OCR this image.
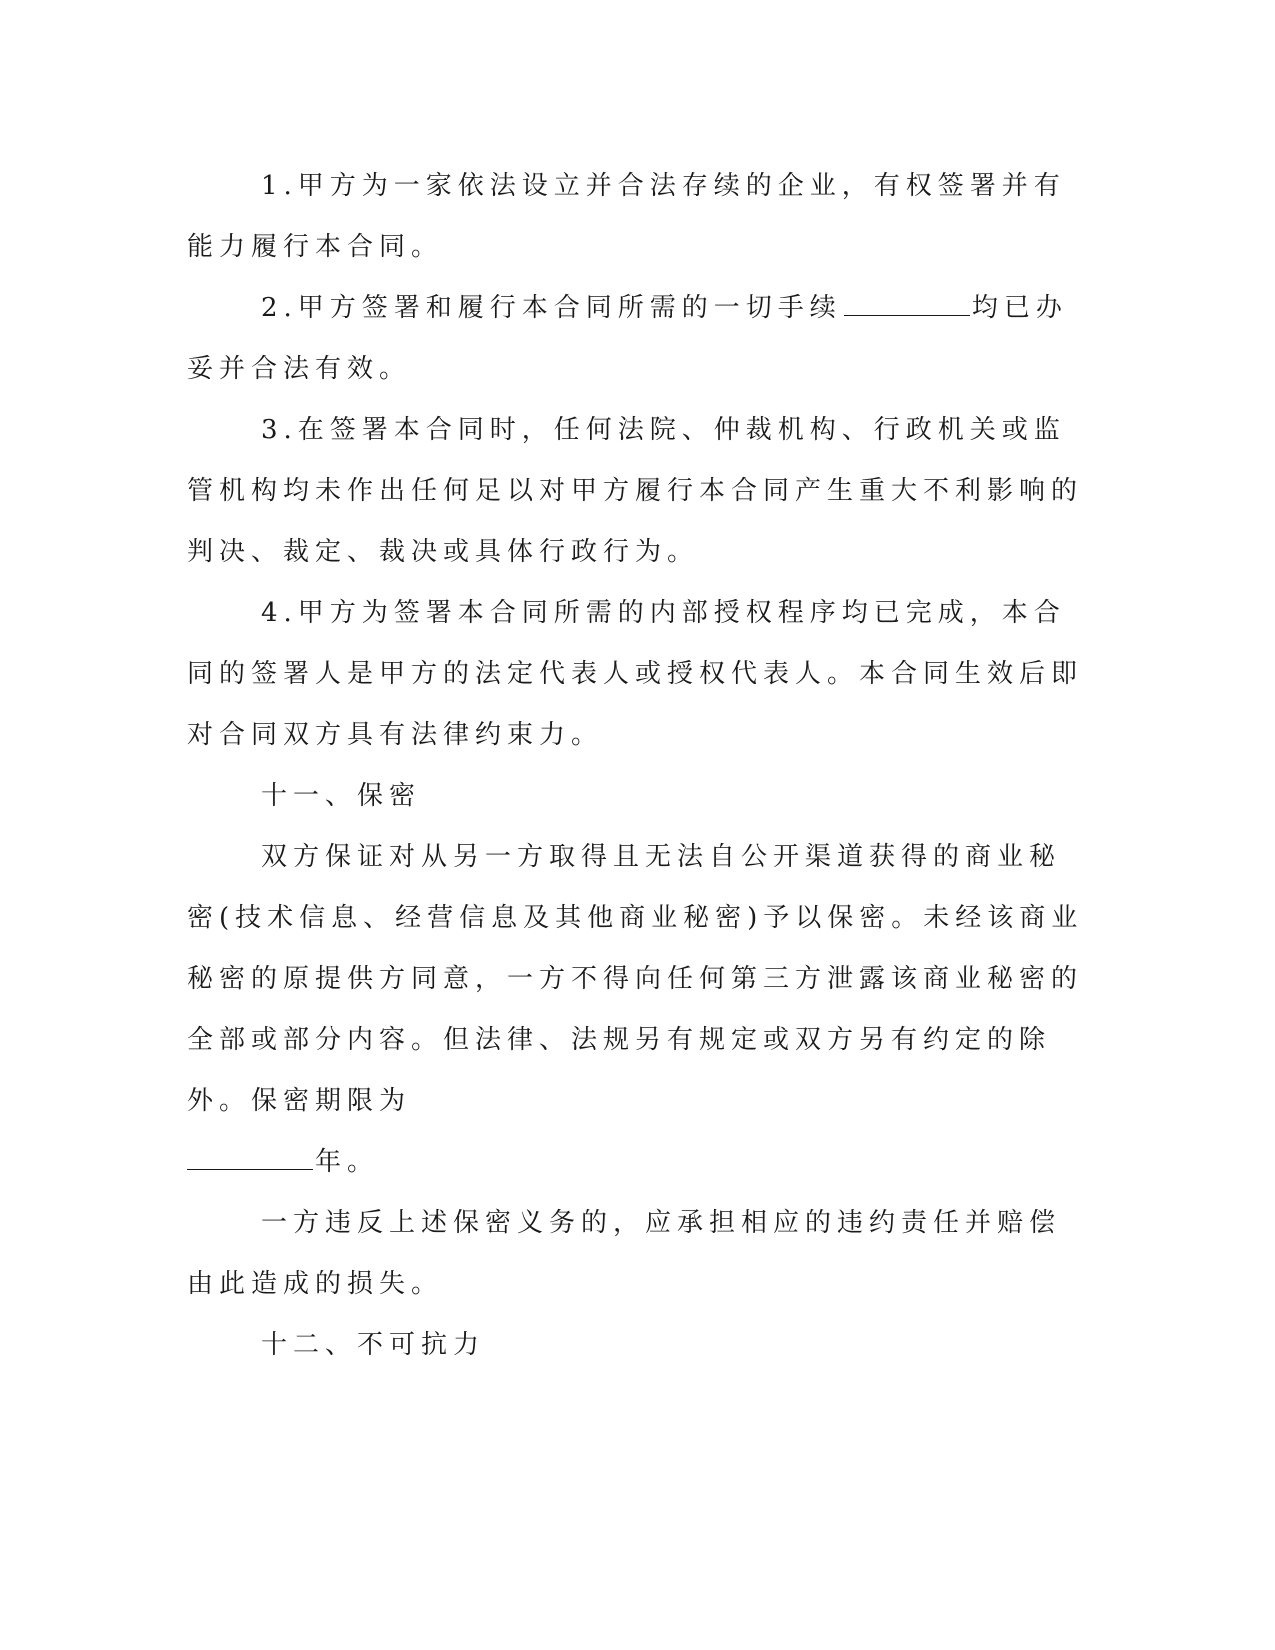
1.甲方为一家依法设立并合法存续的企业，有权签署并有能力履行本合同。

2.甲方签署和履行本合同所需的一切手续	均已办妥并合法有效。

3.在签署本合同时，任何法院、仲裁机构、行政机关或监管机构均未作出任何足以对甲方履行本合同产生重大不利影响的判决、裁定、裁决或具体行政行为。

4.甲方为签署本合同所需的内部授权程序均已完成，本合同的签署人是甲方的法定代表人或授权代表人。本合同生效后即对合同双方具有法律约束力。

十一、保密

双方保证对从另一方取得且无法自公开渠道获得的商业秘密(技术信息、经营信息及其他商业秘密)予以保密。未经该商业秘密的原提供方同意，一方不得向任何第三方泄露该商业秘密的全部或部分内容。但法律、法规另有规定或双方另有约定的除外。保密期限为
年。

一方违反上述保密义务的，应承担相应的违约责任并赔偿由此造成的损失。

十二、不可抗力
